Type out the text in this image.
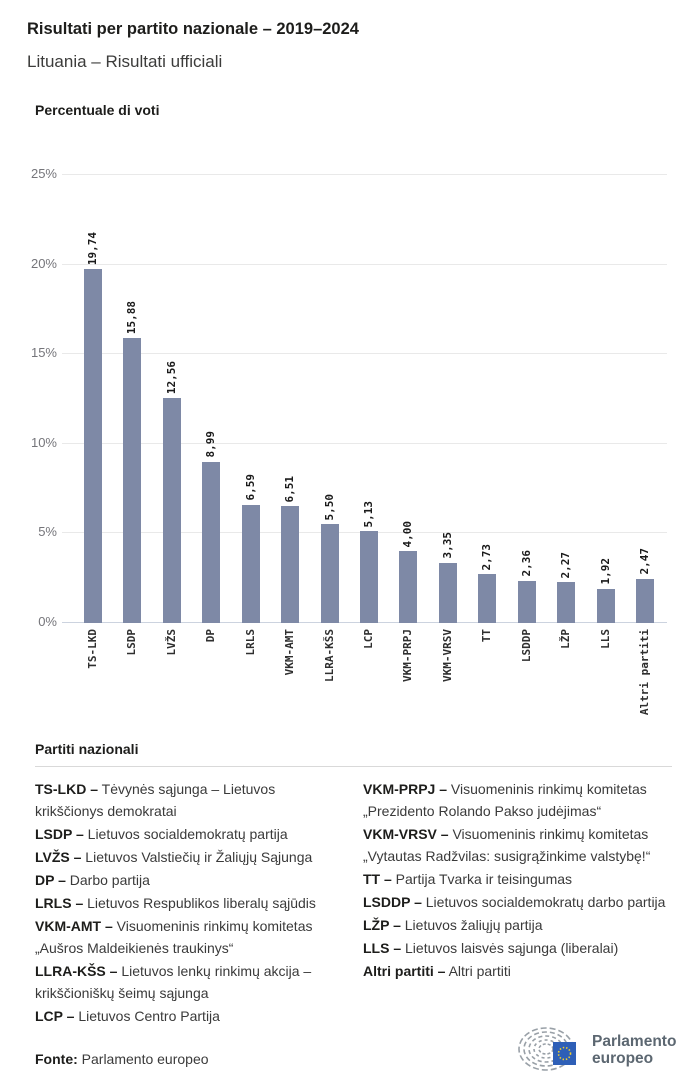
Risultati per partito nazionale – 2019–2024
Lituania – Risultati ufficiali
Percentuale di voti
0%
5%
10%
15%
20%
25%
19,74
15,88
12,56
8,99
6,59 6,51
5,50 5,13
4,00 3,35 2,73 2,36 2,27 1,92 2,47
TS-LKD LSDP LVŽS DP LRLS VKM-AMT LLRA-KŠS LCP VKM-PRPJ VKM-VRSV TT LSDDP LŽP LLS Altri partiti
Partiti nazionali

TS-LKD – Tėvynės sąjunga – Lietuvos krikščionys demokratai

LSDP – Lietuvos socialdemokratų partija

LVŽS – Lietuvos Valstiečių ir Žaliųjų Sąjunga

DP – Darbo partija

LRLS – Lietuvos Respublikos liberalų sąjūdis

VKM-AMT – Visuomeninis rinkimų komitetas „Aušros Maldeikienės traukinys“

LLRA-KŠS – Lietuvos lenkų rinkimų akcija – krikščioniškų šeimų sąjunga

LCP – Lietuvos Centro Partija

VKM-PRPJ – Visuomeninis rinkimų komitetas „Prezidento Rolando Pakso judėjimas“

VKM-VRSV – Visuomeninis rinkimų komitetas „Vytautas Radžvilas: susigrąžinkime valstybę!“

TT – Partija Tvarka ir teisingumas

LSDDP – Lietuvos socialdemokratų darbo partija

LŽP – Lietuvos žaliųjų partija

LLS – Lietuvos laisvės sąjunga (liberalai)

Altri partiti – Altri partiti

Fonte: Parlamento europeo
Parlamento
europeo
